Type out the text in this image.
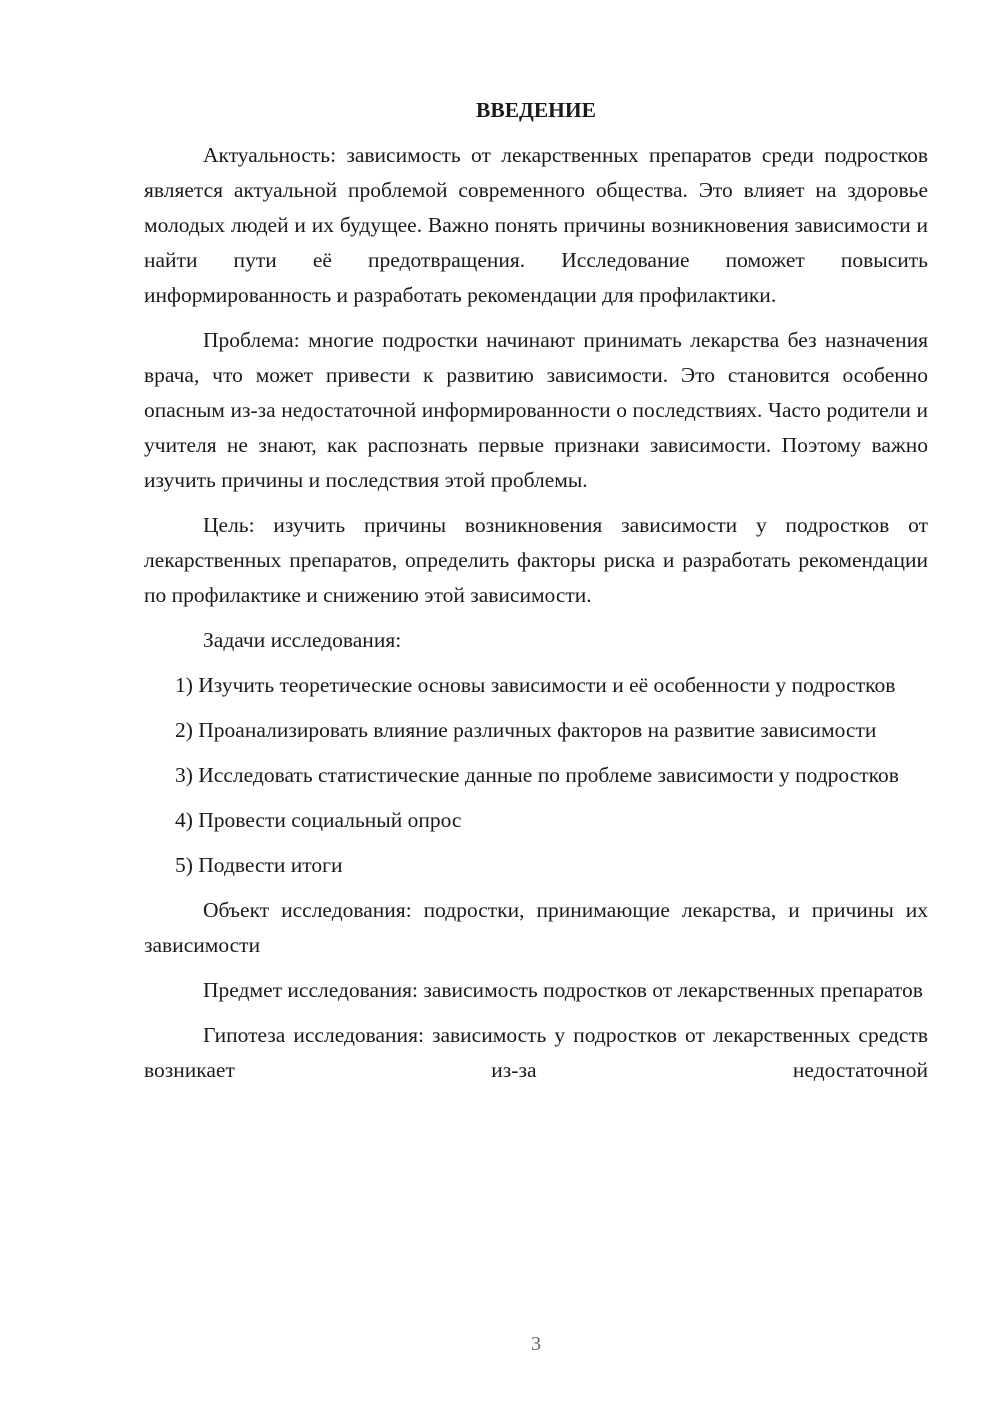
ВВЕДЕНИЕ

Актуальность: зависимость от лекарственных препаратов среди подростков является актуальной проблемой современного общества. Это влияет на здоровье молодых людей и их будущее. Важно понять причины возникновения зависимости и найти пути её предотвращения. Исследование поможет повысить информированность и разработать рекомендации для профилактики.

Проблема: многие подростки начинают принимать лекарства без назначения врача, что может привести к развитию зависимости. Это становится особенно опасным из-за недостаточной информированности о последствиях. Часто родители и учителя не знают, как распознать первые признаки зависимости. Поэтому важно изучить причины и последствия этой проблемы.

Цель: изучить причины возникновения зависимости у подростков от лекарственных препаратов, определить факторы риска и разработать рекомендации по профилактике и снижению этой зависимости.

Задачи исследования:

1) Изучить теоретические основы зависимости и её особенности у подростков

2) Проанализировать влияние различных факторов на развитие зависимости

3) Исследовать статистические данные по проблеме зависимости у подростков

4) Провести социальный опрос

5) Подвести итоги

Объект исследования: подростки, принимающие лекарства, и причины их зависимости

Предмет исследования: зависимость подростков от лекарственных препаратов

Гипотеза исследования: зависимость у подростков от лекарственных средств возникает из-за недостаточной

3
